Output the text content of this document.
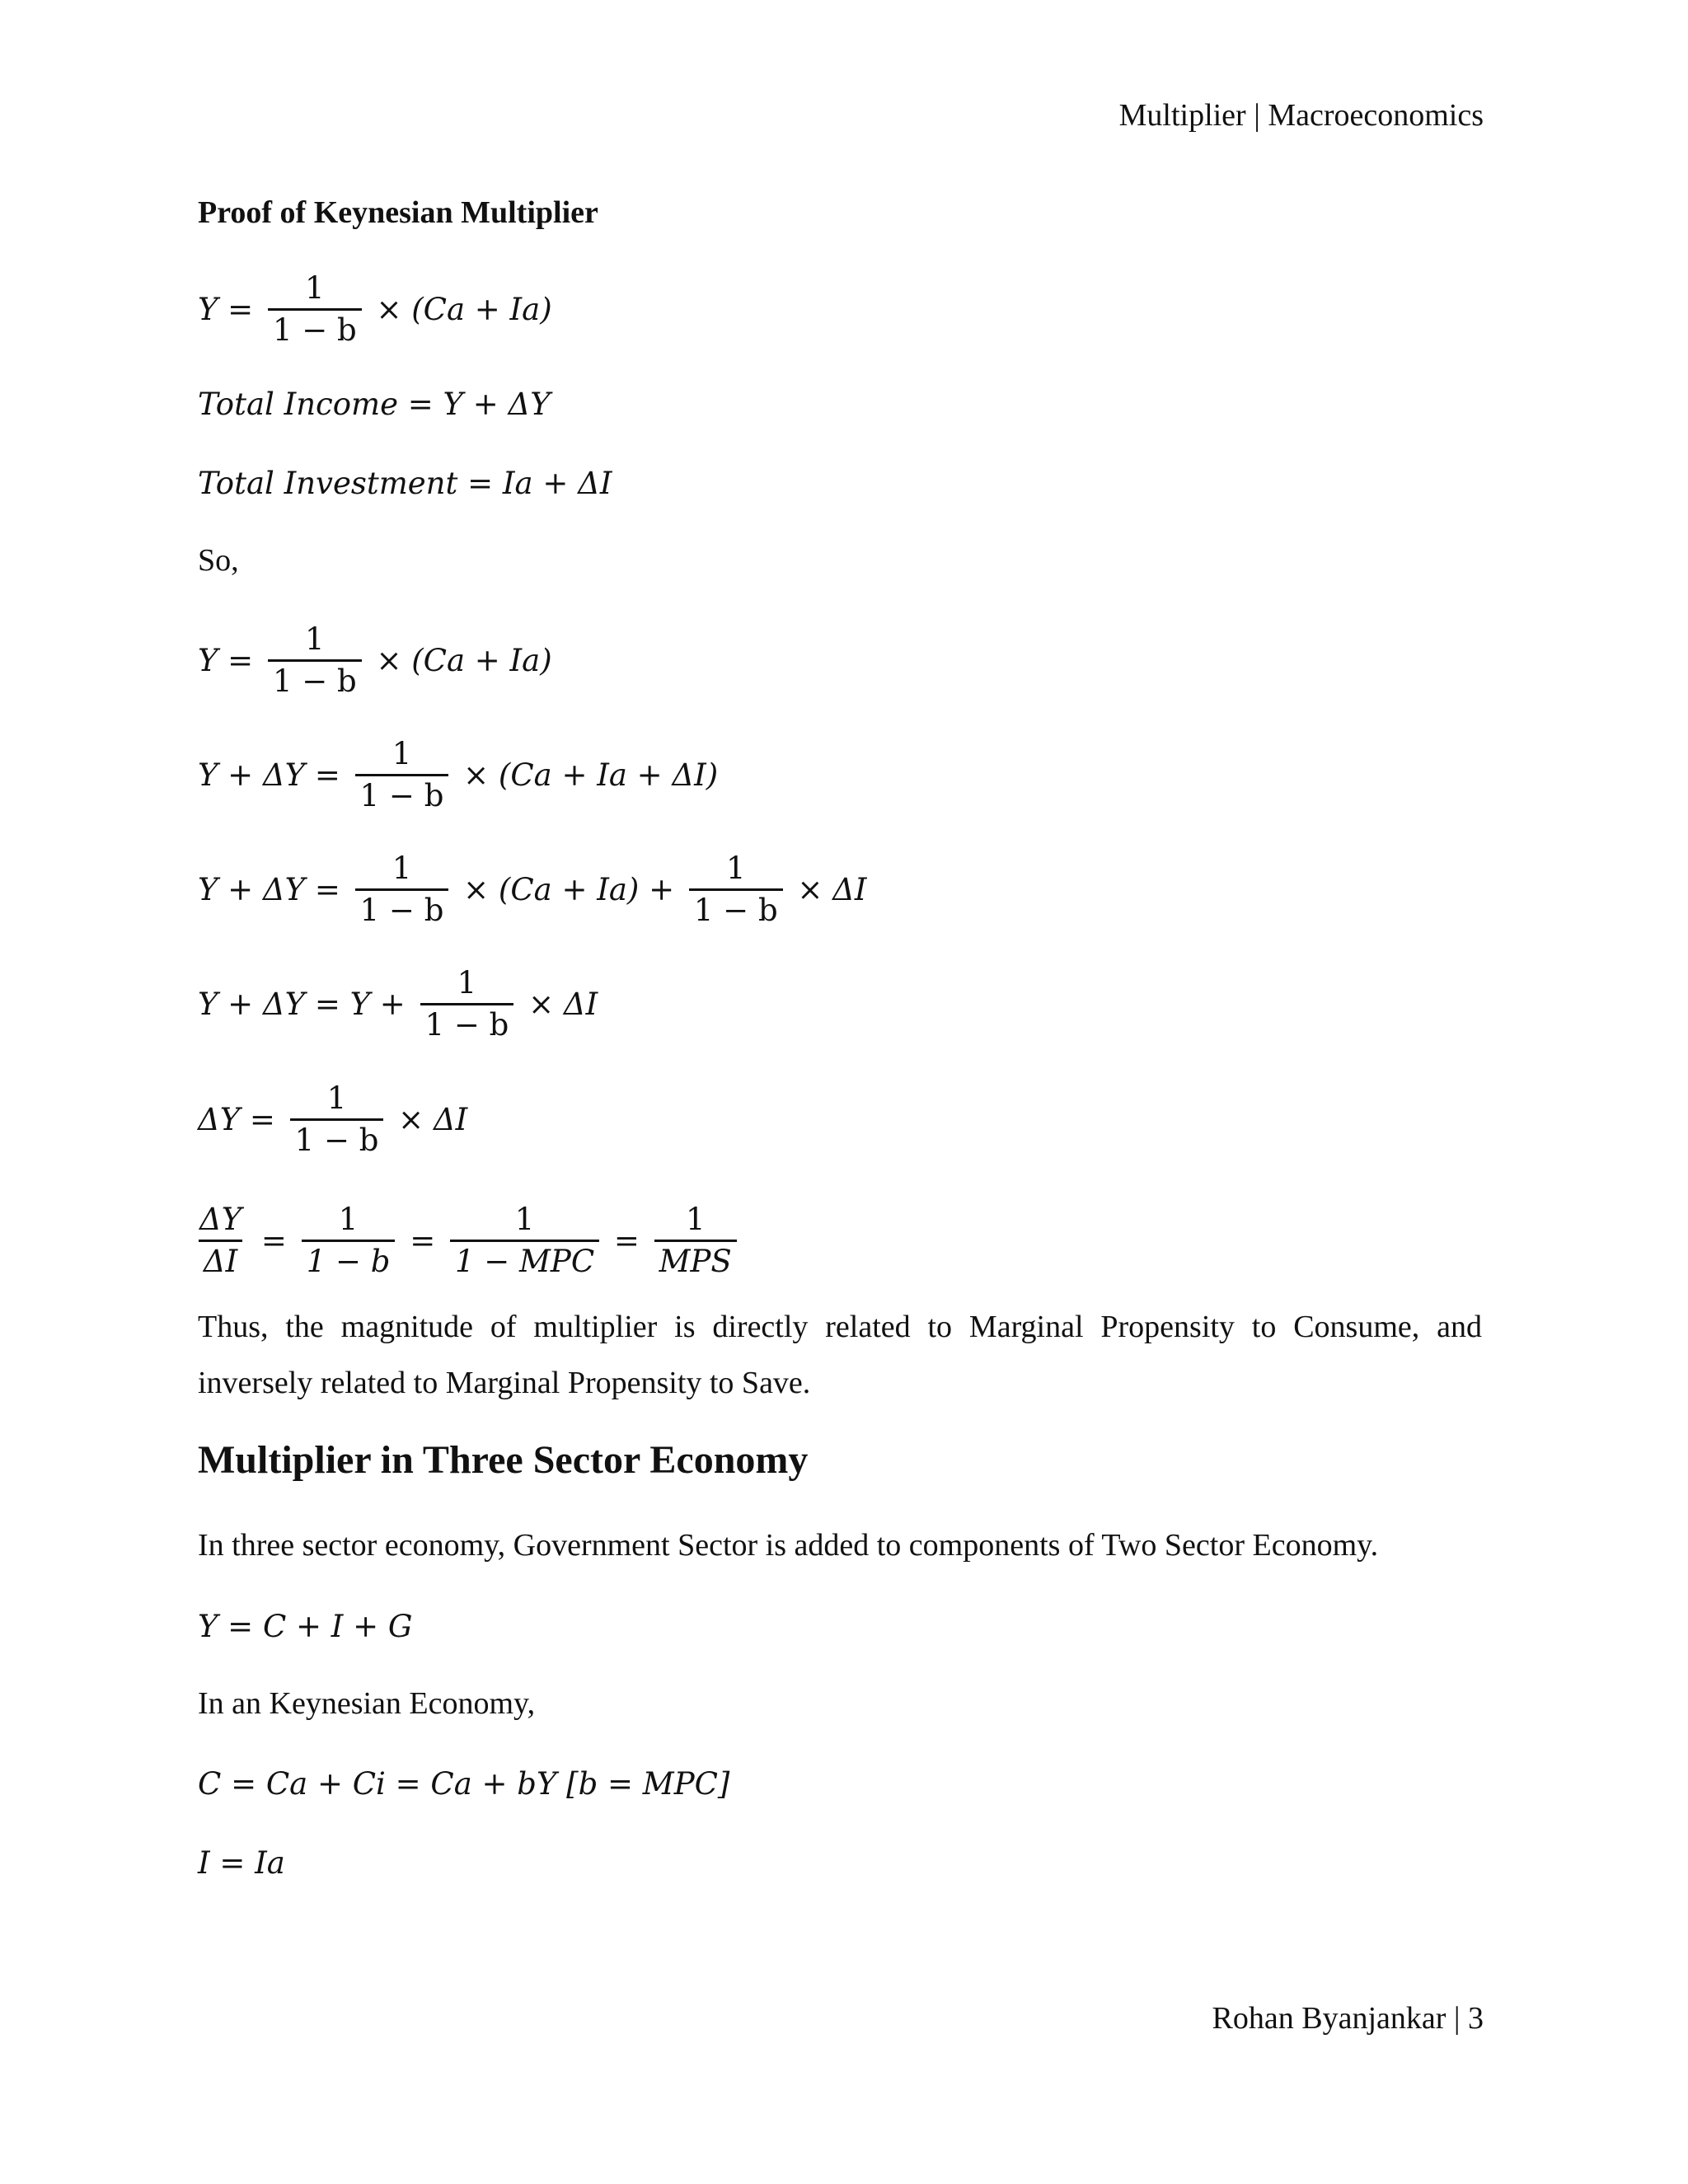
Multiplier | Macroeconomics
Proof of Keynesian Multiplier
$Y = \frac{1}{1 - b} \times (Ca + Ia)$
Total Income = Y + ΔY
Total Investment = Ia + ΔI
So,
$Y = \frac{1}{1 - b} \times (Ca + Ia)$
$Y + \Delta Y = \frac{1}{1 - b} \times (Ca + Ia + \Delta I)$
$Y + \Delta Y = \frac{1}{1 - b} \times (Ca + Ia) + \frac{1}{1 - b} \times \Delta I$
$Y + \Delta Y = Y + \frac{1}{1 - b} \times \Delta I$
$\Delta Y = \frac{1}{1 - b} \times \Delta I$
$\frac{\Delta Y}{\Delta I} = \frac{1}{1 - b} = \frac{1}{\text{1 − MPC}} = \frac{1}{\text{MPS}}$
Thus, the magnitude of multiplier is directly related to Marginal Propensity to Consume, and inversely related to Marginal Propensity to Save.
Multiplier in Three Sector Economy
In three sector economy, Government Sector is added to components of Two Sector Economy.
Y = C + I + G
In an Keynesian Economy,
C = Ca + Ci = Ca + bY [b = MPC]
I = Ia
Rohan Byanjankar | 3
